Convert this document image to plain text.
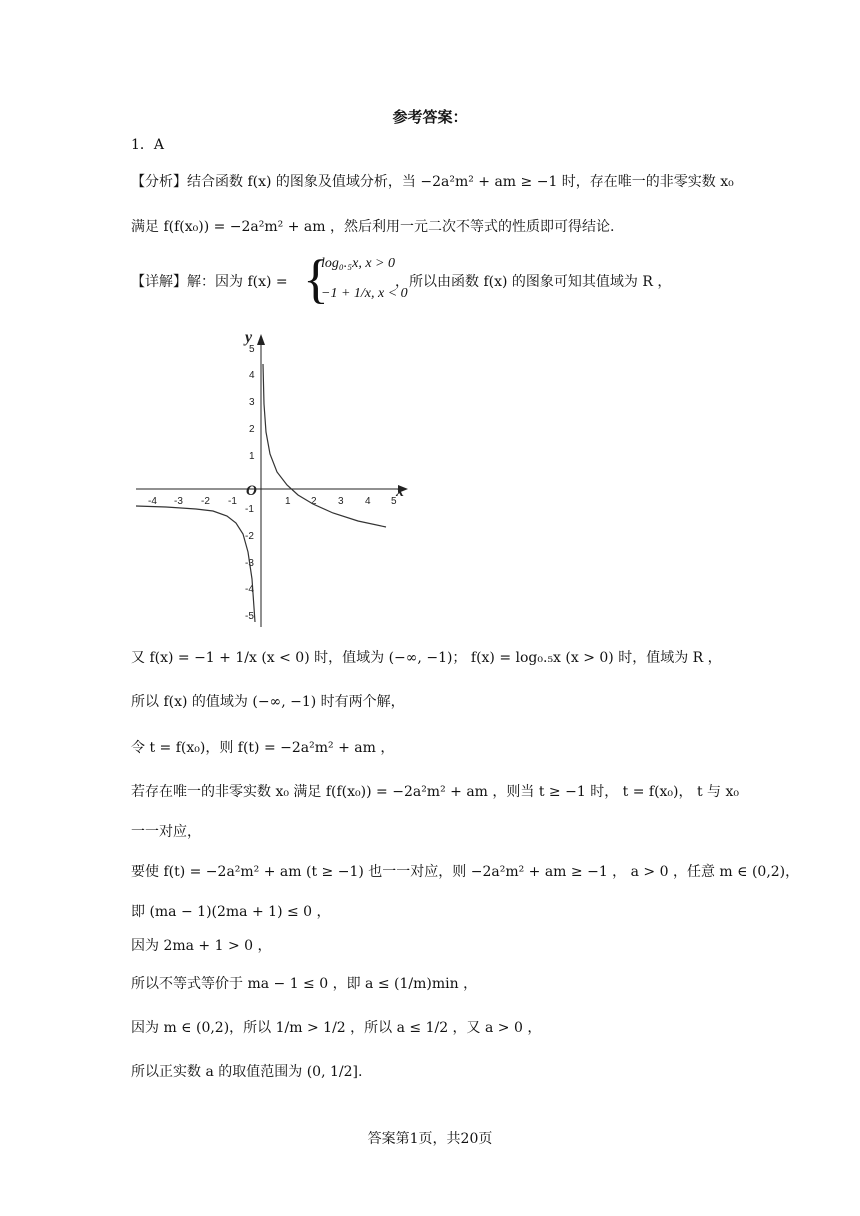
参考答案：
1．A
【分析】结合函数 f(x) 的图象及值域分析，当 −2a²m² + am ≥ −1 时，存在唯一的非零实数 x₀
满足 f(f(x₀)) = −2a²m² + am ，然后利用一元二次不等式的性质即可得结论.
【详解】解：因为 f(x) = {
log₀.₅x, x > 0
−1 + 1/x, x < 0
，所以由函数 f(x) 的图象可知其值域为 R ，
-4 -3 -2 -1	1 2 3 4 5
5
4
3
2
1
-1
-2
-3
-4
-5
y
x
O
又 f(x) = −1 + 1/x (x < 0) 时，值域为 (−∞, −1)； f(x) = log₀.₅x (x > 0) 时，值域为 R ，
所以 f(x) 的值域为 (−∞, −1) 时有两个解，
令 t = f(x₀)，则 f(t) = −2a²m² + am ，
若存在唯一的非零实数 x₀ 满足 f(f(x₀)) = −2a²m² + am ，则当 t ≥ −1 时， t = f(x₀)， t 与 x₀
一一对应，
要使 f(t) = −2a²m² + am (t ≥ −1) 也一一对应，则 −2a²m² + am ≥ −1 ， a > 0 ，任意 m ∈ (0,2)，
即 (ma − 1)(2ma + 1) ≤ 0 ，
因为 2ma + 1 > 0 ，
所以不等式等价于 ma − 1 ≤ 0 ，即 a ≤ (1/m)min ，
因为 m ∈ (0,2)，所以 1/m > 1/2 ，所以 a ≤ 1/2 ，又 a > 0 ，
所以正实数 a 的取值范围为 (0, 1/2].
答案第1页，共20页
